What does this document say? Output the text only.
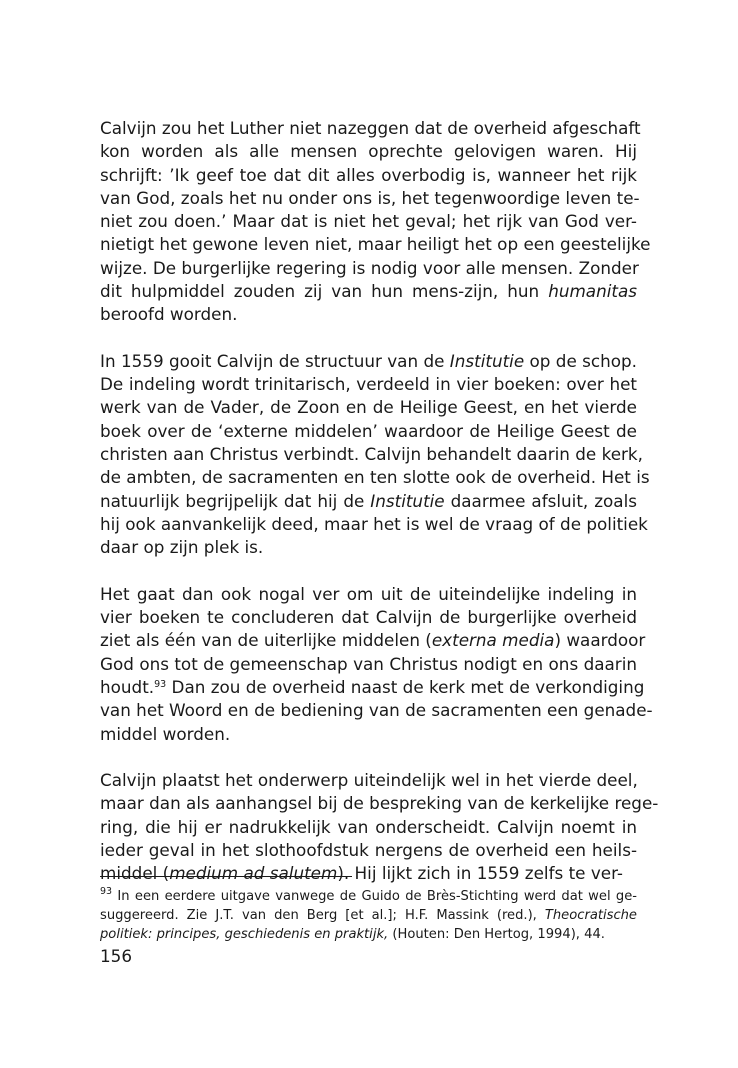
Calvijn zou het Luther niet nazeggen dat de overheid afgeschaft
kon worden als alle mensen oprechte gelovigen waren. Hij
schrijft: ’Ik geef toe dat dit alles overbodig is, wanneer het rijk
van God, zoals het nu onder ons is, het tegenwoordige leven te-
niet zou doen.’ Maar dat is niet het geval; het rijk van God ver-
nietigt het gewone leven niet, maar heiligt het op een geestelijke
wijze. De burgerlijke regering is nodig voor alle mensen. Zonder
dit hulpmiddel zouden zij van hun mens-zijn, hun humanitas
beroofd worden.
In 1559 gooit Calvijn de structuur van de Institutie op de schop.
De indeling wordt trinitarisch, verdeeld in vier boeken: over het
werk van de Vader, de Zoon en de Heilige Geest, en het vierde
boek over de ‘externe middelen’ waardoor de Heilige Geest de
christen aan Christus verbindt. Calvijn behandelt daarin de kerk,
de ambten, de sacramenten en ten slotte ook de overheid. Het is
natuurlijk begrijpelijk dat hij de Institutie daarmee afsluit, zoals
hij ook aanvankelijk deed, maar het is wel de vraag of de politiek
daar op zijn plek is.
Het gaat dan ook nogal ver om uit de uiteindelijke indeling in
vier boeken te concluderen dat Calvijn de burgerlijke overheid
ziet als één van de uiterlijke middelen (externa media) waardoor
God ons tot de gemeenschap van Christus nodigt en ons daarin
houdt.$^{93}$ Dan zou de overheid naast de kerk met de verkondiging
van het Woord en de bediening van de sacramenten een genade-
middel worden.
Calvijn plaatst het onderwerp uiteindelijk wel in het vierde deel,
maar dan als aanhangsel bij de bespreking van de kerkelijke rege-
ring, die hij er nadrukkelijk van onderscheidt. Calvijn noemt in
ieder geval in het slothoofdstuk nergens de overheid een heils-
middel (medium ad salutem). Hij lijkt zich in 1559 zelfs te ver-
$^{93}$ In een eerdere uitgave vanwege de Guido de Brès-Stichting werd dat wel ge-
suggereerd. Zie J.T. van den Berg [et al.]; H.F. Massink (red.), Theocratische
politiek: principes, geschiedenis en praktijk, (Houten: Den Hertog, 1994), 44.
156
